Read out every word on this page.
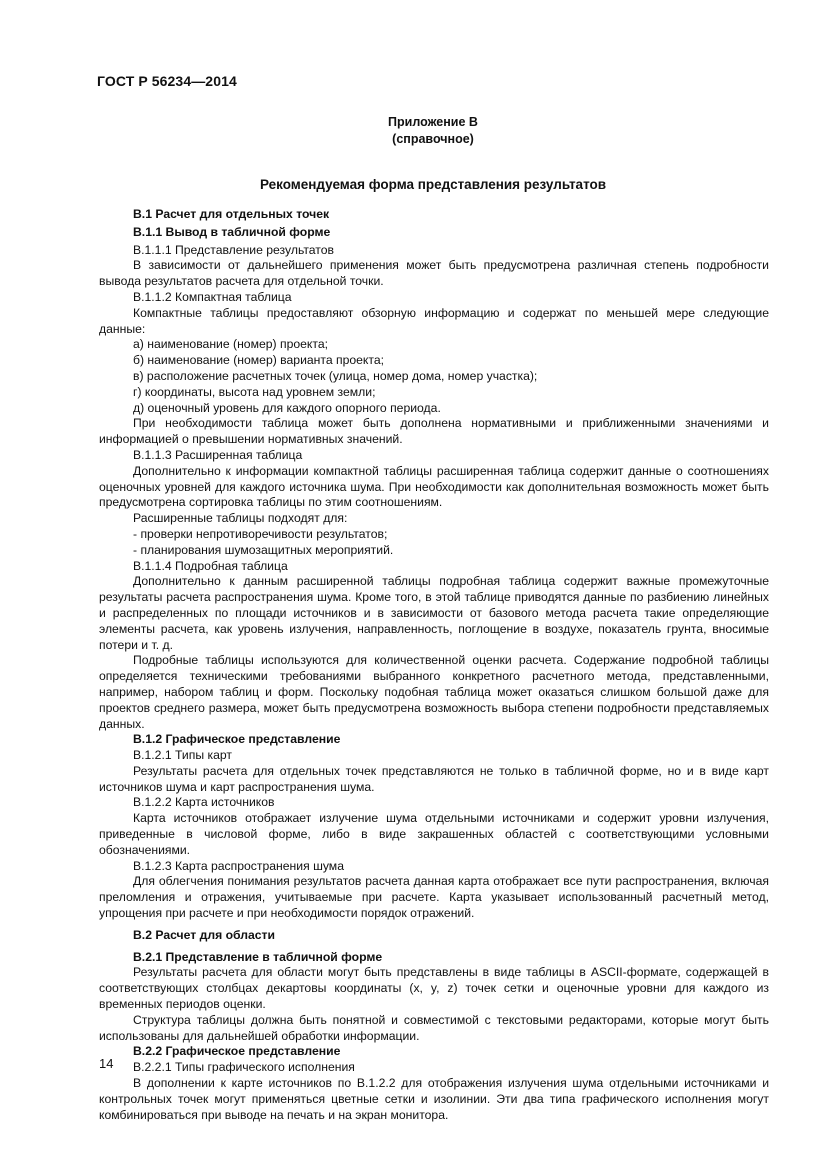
ГОСТ Р 56234—2014
Приложение В
(справочное)
Рекомендуемая форма представления результатов

В.1 Расчет для отдельных точек

В.1.1 Вывод в табличной форме

В.1.1.1 Представление результатов

В зависимости от дальнейшего применения может быть предусмотрена различная степень подробности вывода результатов расчета для отдельной точки.

В.1.1.2 Компактная таблица

Компактные таблицы предоставляют обзорную информацию и содержат по меньшей мере следующие данные:

а) наименование (номер) проекта;

б) наименование (номер) варианта проекта;

в) расположение расчетных точек (улица, номер дома, номер участка);

г) координаты, высота над уровнем земли;

д) оценочный уровень для каждого опорного периода.

При необходимости таблица может быть дополнена нормативными и приближенными значениями и информацией о превышении нормативных значений.

В.1.1.3 Расширенная таблица

Дополнительно к информации компактной таблицы расширенная таблица содержит данные о соотношениях оценочных уровней для каждого источника шума. При необходимости как дополнительная возможность может быть предусмотрена сортировка таблицы по этим соотношениям.

Расширенные таблицы подходят для:

- проверки непротиворечивости результатов;

- планирования шумозащитных мероприятий.

В.1.1.4 Подробная таблица

Дополнительно к данным расширенной таблицы подробная таблица содержит важные промежуточные результаты расчета распространения шума. Кроме того, в этой таблице приводятся данные по разбиению линейных и распределенных по площади источников и в зависимости от базового метода расчета такие определяющие элементы расчета, как уровень излучения, направленность, поглощение в воздухе, показатель грунта, вносимые потери и т. д.

Подробные таблицы используются для количественной оценки расчета. Содержание подробной таблицы определяется техническими требованиями выбранного конкретного расчетного метода, представленными, например, набором таблиц и форм. Поскольку подобная таблица может оказаться слишком большой даже для проектов среднего размера, может быть предусмотрена возможность выбора степени подробности представляемых данных.

В.1.2 Графическое представление

В.1.2.1 Типы карт

Результаты расчета для отдельных точек представляются не только в табличной форме, но и в виде карт источников шума и карт распространения шума.

В.1.2.2 Карта источников

Карта источников отображает излучение шума отдельными источниками и содержит уровни излучения, приведенные в числовой форме, либо в виде закрашенных областей с соответствующими условными обозначениями.

В.1.2.3 Карта распространения шума

Для облегчения понимания результатов расчета данная карта отображает все пути распространения, включая преломления и отражения, учитываемые при расчете. Карта указывает использованный расчетный метод, упрощения при расчете и при необходимости порядок отражений.

В.2 Расчет для области

В.2.1 Представление в табличной форме

Результаты расчета для области могут быть представлены в виде таблицы в ASCII-формате, содержащей в соответствующих столбцах декартовы координаты (x, y, z) точек сетки и оценочные уровни для каждого из временных периодов оценки.

Структура таблицы должна быть понятной и совместимой с текстовыми редакторами, которые могут быть использованы для дальнейшей обработки информации.

В.2.2 Графическое представление

В.2.2.1 Типы графического исполнения

В дополнении к карте источников по В.1.2.2 для отображения излучения шума отдельными источниками и контрольных точек могут применяться цветные сетки и изолинии. Эти два типа графического исполнения могут комбинироваться при выводе на печать и на экран монитора.

14
